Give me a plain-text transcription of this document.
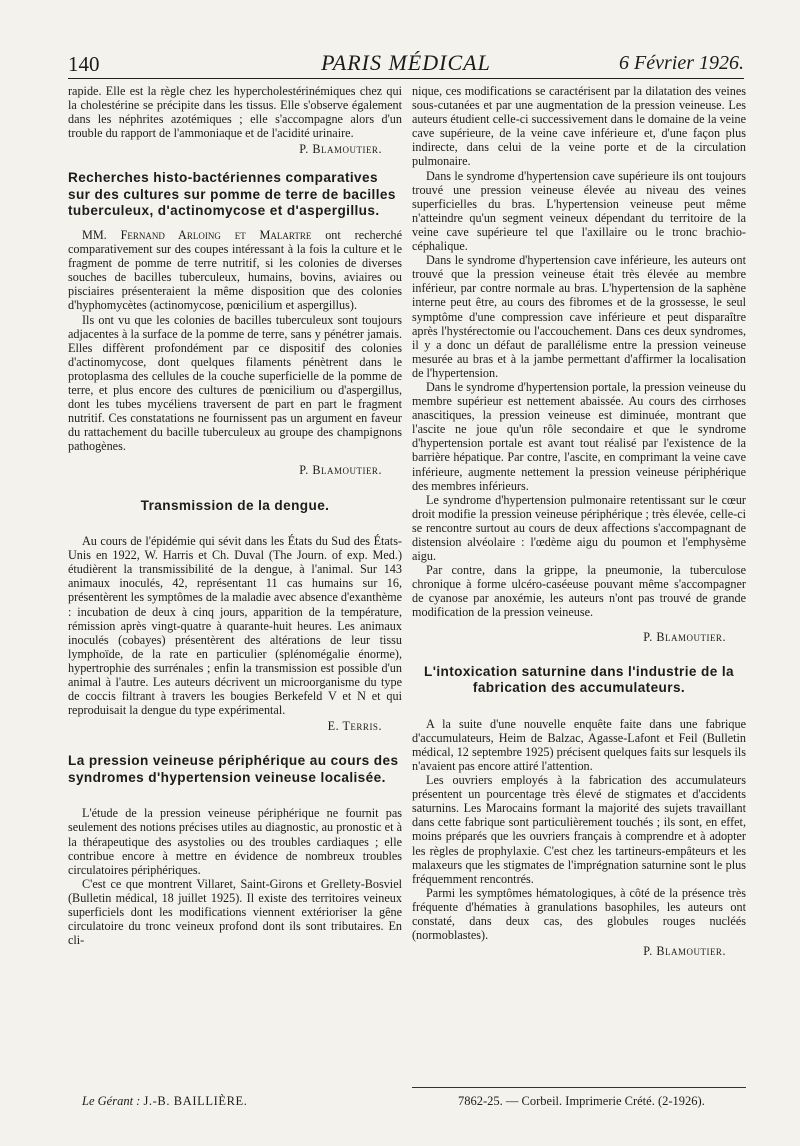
140	PARIS MÉDICAL	6 Février 1926.

rapide. Elle est la règle chez les hypercholestérinémiques chez qui la cholestérine se précipite dans les tissus. Elle s'observe également dans les néphrites azotémiques ; elle s'accompagne alors d'un trouble du rapport de l'ammoniaque et de l'acidité urinaire.

P. Blamoutier.

Recherches histo-bactériennes comparatives sur des cultures sur pomme de terre de bacilles tuberculeux, d'actinomycose et d'aspergillus.

MM. Fernand Arloing et Malartre ont recherché comparativement sur des coupes intéressant à la fois la culture et le fragment de pomme de terre nutritif, si les colonies de diverses souches de bacilles tuberculeux, humains, bovins, aviaires ou pisciaires présenteraient la même disposition que des colonies d'hyphomycètes (actinomycose, pœnicilium et aspergillus).

Ils ont vu que les colonies de bacilles tuberculeux sont toujours adjacentes à la surface de la pomme de terre, sans y pénétrer jamais. Elles diffèrent profondément par ce dispositif des colonies d'actinomycose, dont quelques filaments pénètrent dans le protoplasma des cellules de la couche superficielle de la pomme de terre, et plus encore des cultures de pœnicilium ou d'aspergillus, dont les tubes mycéliens traversent de part en part le fragment nutritif. Ces constatations ne fournissent pas un argument en faveur du rattachement du bacille tuberculeux au groupe des champignons pathogènes.

P. Blamoutier.

Transmission de la dengue.

Au cours de l'épidémie qui sévit dans les États du Sud des États-Unis en 1922, W. Harris et Ch. Duval (The Journ. of exp. Med.) étudièrent la transmissibilité de la dengue, à l'animal. Sur 143 animaux inoculés, 42, représentant 11 cas humains sur 16, présentèrent les symptômes de la maladie avec absence d'exanthème : incubation de deux à cinq jours, apparition de la température, rémission après vingt-quatre à quarante-huit heures. Les animaux inoculés (cobayes) présentèrent des altérations de leur tissu lymphoïde, de la rate en particulier (splénomégalie énorme), hypertrophie des surrénales ; enfin la transmission est possible d'un animal à l'autre. Les auteurs décrivent un microorganisme du type de coccis filtrant à travers les bougies Berkefeld V et N et qui reproduisait la dengue du type expérimental.

E. Terris.

La pression veineuse périphérique au cours des syndromes d'hypertension veineuse localisée.

L'étude de la pression veineuse périphérique ne fournit pas seulement des notions précises utiles au diagnostic, au pronostic et à la thérapeutique des asystolies ou des troubles cardiaques ; elle contribue encore à mettre en évidence de nombreux troubles circulatoires périphériques.

C'est ce que montrent Villaret, Saint-Girons et Grellety-Bosviel (Bulletin médical, 18 juillet 1925). Il existe des territoires veineux superficiels dont les modifications viennent extérioriser la gêne circulatoire du tronc veineux profond dont ils sont tributaires. En cli-

nique, ces modifications se caractérisent par la dilatation des veines sous-cutanées et par une augmentation de la pression veineuse. Les auteurs étudient celle-ci successivement dans le domaine de la veine cave supérieure, de la veine cave inférieure et, d'une façon plus indirecte, dans celui de la veine porte et de la circulation pulmonaire.

Dans le syndrome d'hypertension cave supérieure ils ont toujours trouvé une pression veineuse élevée au niveau des veines superficielles du bras. L'hypertension veineuse peut même n'atteindre qu'un segment veineux dépendant du territoire de la veine cave supérieure tel que l'axillaire ou le tronc brachio-céphalique.

Dans le syndrome d'hypertension cave inférieure, les auteurs ont trouvé que la pression veineuse était très élevée au membre inférieur, par contre normale au bras. L'hypertension de la saphène interne peut être, au cours des fibromes et de la grossesse, le seul symptôme d'une compression cave inférieure et peut disparaître après l'hystérectomie ou l'accouchement. Dans ces deux syndromes, il y a donc un défaut de parallélisme entre la pression veineuse mesurée au bras et à la jambe permettant d'affirmer la localisation de l'hypertension.

Dans le syndrome d'hypertension portale, la pression veineuse du membre supérieur est nettement abaissée. Au cours des cirrhoses anascitiques, la pression veineuse est diminuée, montrant que l'ascite ne joue qu'un rôle secondaire et que le syndrome d'hypertension portale est avant tout réalisé par l'existence de la barrière hépatique. Par contre, l'ascite, en comprimant la veine cave inférieure, augmente nettement la pression veineuse périphérique des membres inférieurs.

Le syndrome d'hypertension pulmonaire retentissant sur le cœur droit modifie la pression veineuse périphérique ; très élevée, celle-ci se rencontre surtout au cours de deux affections s'accompagnant de distension alvéolaire : l'œdème aigu du poumon et l'emphysème aigu.

Par contre, dans la grippe, la pneumonie, la tuberculose chronique à forme ulcéro-caséeuse pouvant même s'accompagner de cyanose par anoxémie, les auteurs n'ont pas trouvé de grande modification de la pression veineuse.

P. Blamoutier.

L'intoxication saturnine dans l'industrie de la fabrication des accumulateurs.

A la suite d'une nouvelle enquête faite dans une fabrique d'accumulateurs, Heim de Balzac, Agasse-Lafont et Feil (Bulletin médical, 12 septembre 1925) précisent quelques faits sur lesquels ils n'avaient pas encore attiré l'attention.

Les ouvriers employés à la fabrication des accumulateurs présentent un pourcentage très élevé de stigmates et d'accidents saturnins. Les Marocains formant la majorité des sujets travaillant dans cette fabrique sont particulièrement touchés ; ils sont, en effet, moins préparés que les ouvriers français à comprendre et à adopter les règles de prophylaxie. C'est chez les tartineurs-empâteurs et les malaxeurs que les stigmates de l'imprégnation saturnine sont le plus fréquemment rencontrés.

Parmi les symptômes hématologiques, à côté de la présence très fréquente d'hématies à granulations basophiles, les auteurs ont constaté, dans deux cas, des globules rouges nucléés (normoblastes).

P. Blamoutier.

Le Gérant : J.-B. BAILLIÈRE.	7862-25. — Corbeil. Imprimerie Crété. (2-1926).
